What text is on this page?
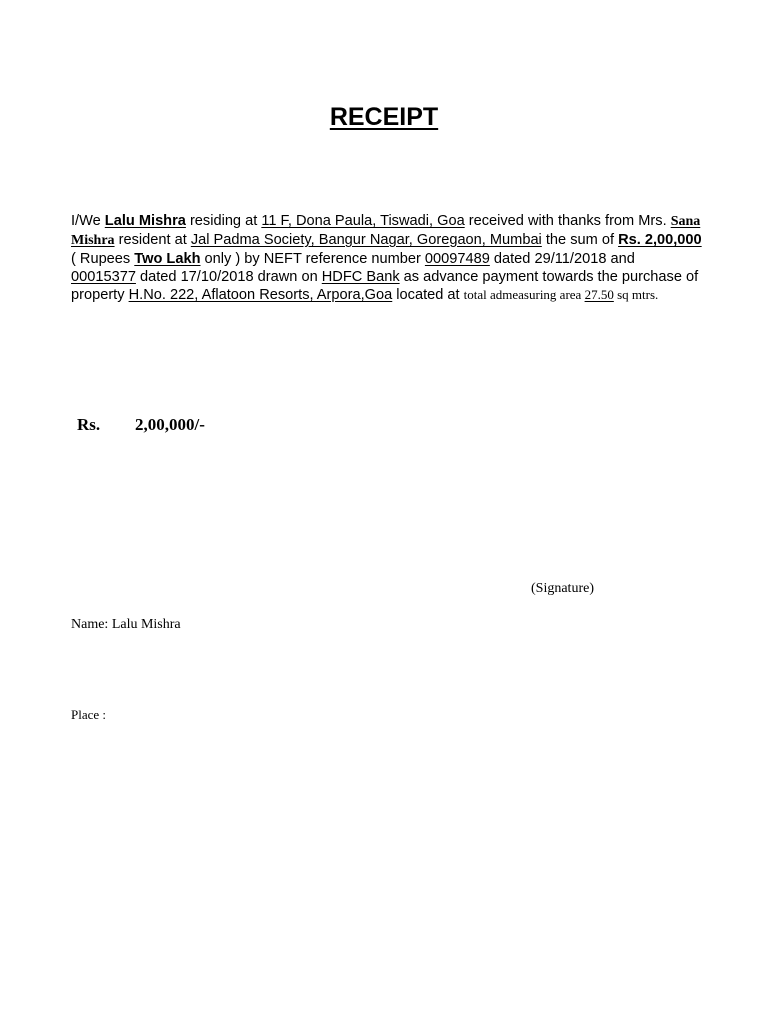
RECEIPT

I/We Lalu Mishra residing at 11 F, Dona Paula, Tiswadi, Goa received with thanks from Mrs. Sana Mishra resident at Jal Padma Society, Bangur Nagar, Goregaon, Mumbai the sum of Rs. 2,00,000 ( Rupees Two Lakh only ) by NEFT reference number 00097489 dated 29/11/2018 and 00015377 dated 17/10/2018 drawn on HDFC Bank as advance payment towards the purchase of property H.No. 222, Aflatoon Resorts, Arpora,Goa located at total admeasuring area 27.50 sq mtrs.

Rs. 2,00,000/-
(Signature)
Name: Lalu Mishra
Place :
